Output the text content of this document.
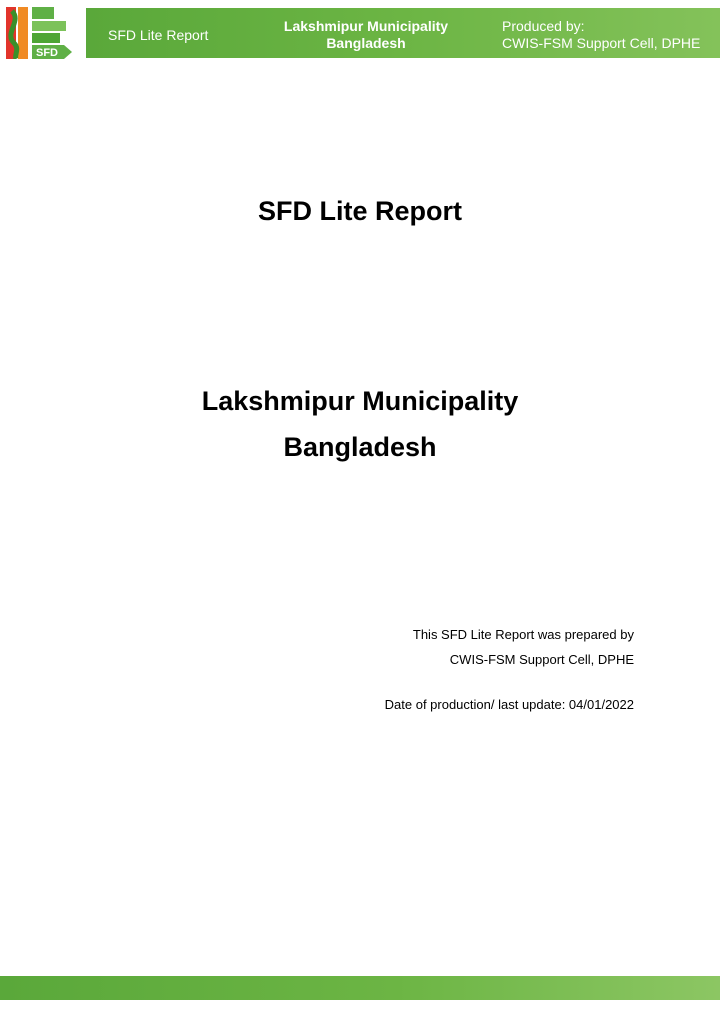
SFD
SFD Lite Report
Lakshmipur Municipality
Bangladesh
Produced by:
CWIS-FSM Support Cell, DPHE
SFD Lite Report
Lakshmipur Municipality
Bangladesh
This SFD Lite Report was prepared by
CWIS-FSM Support Cell, DPHE
Date of production/ last update: 04/01/2022
